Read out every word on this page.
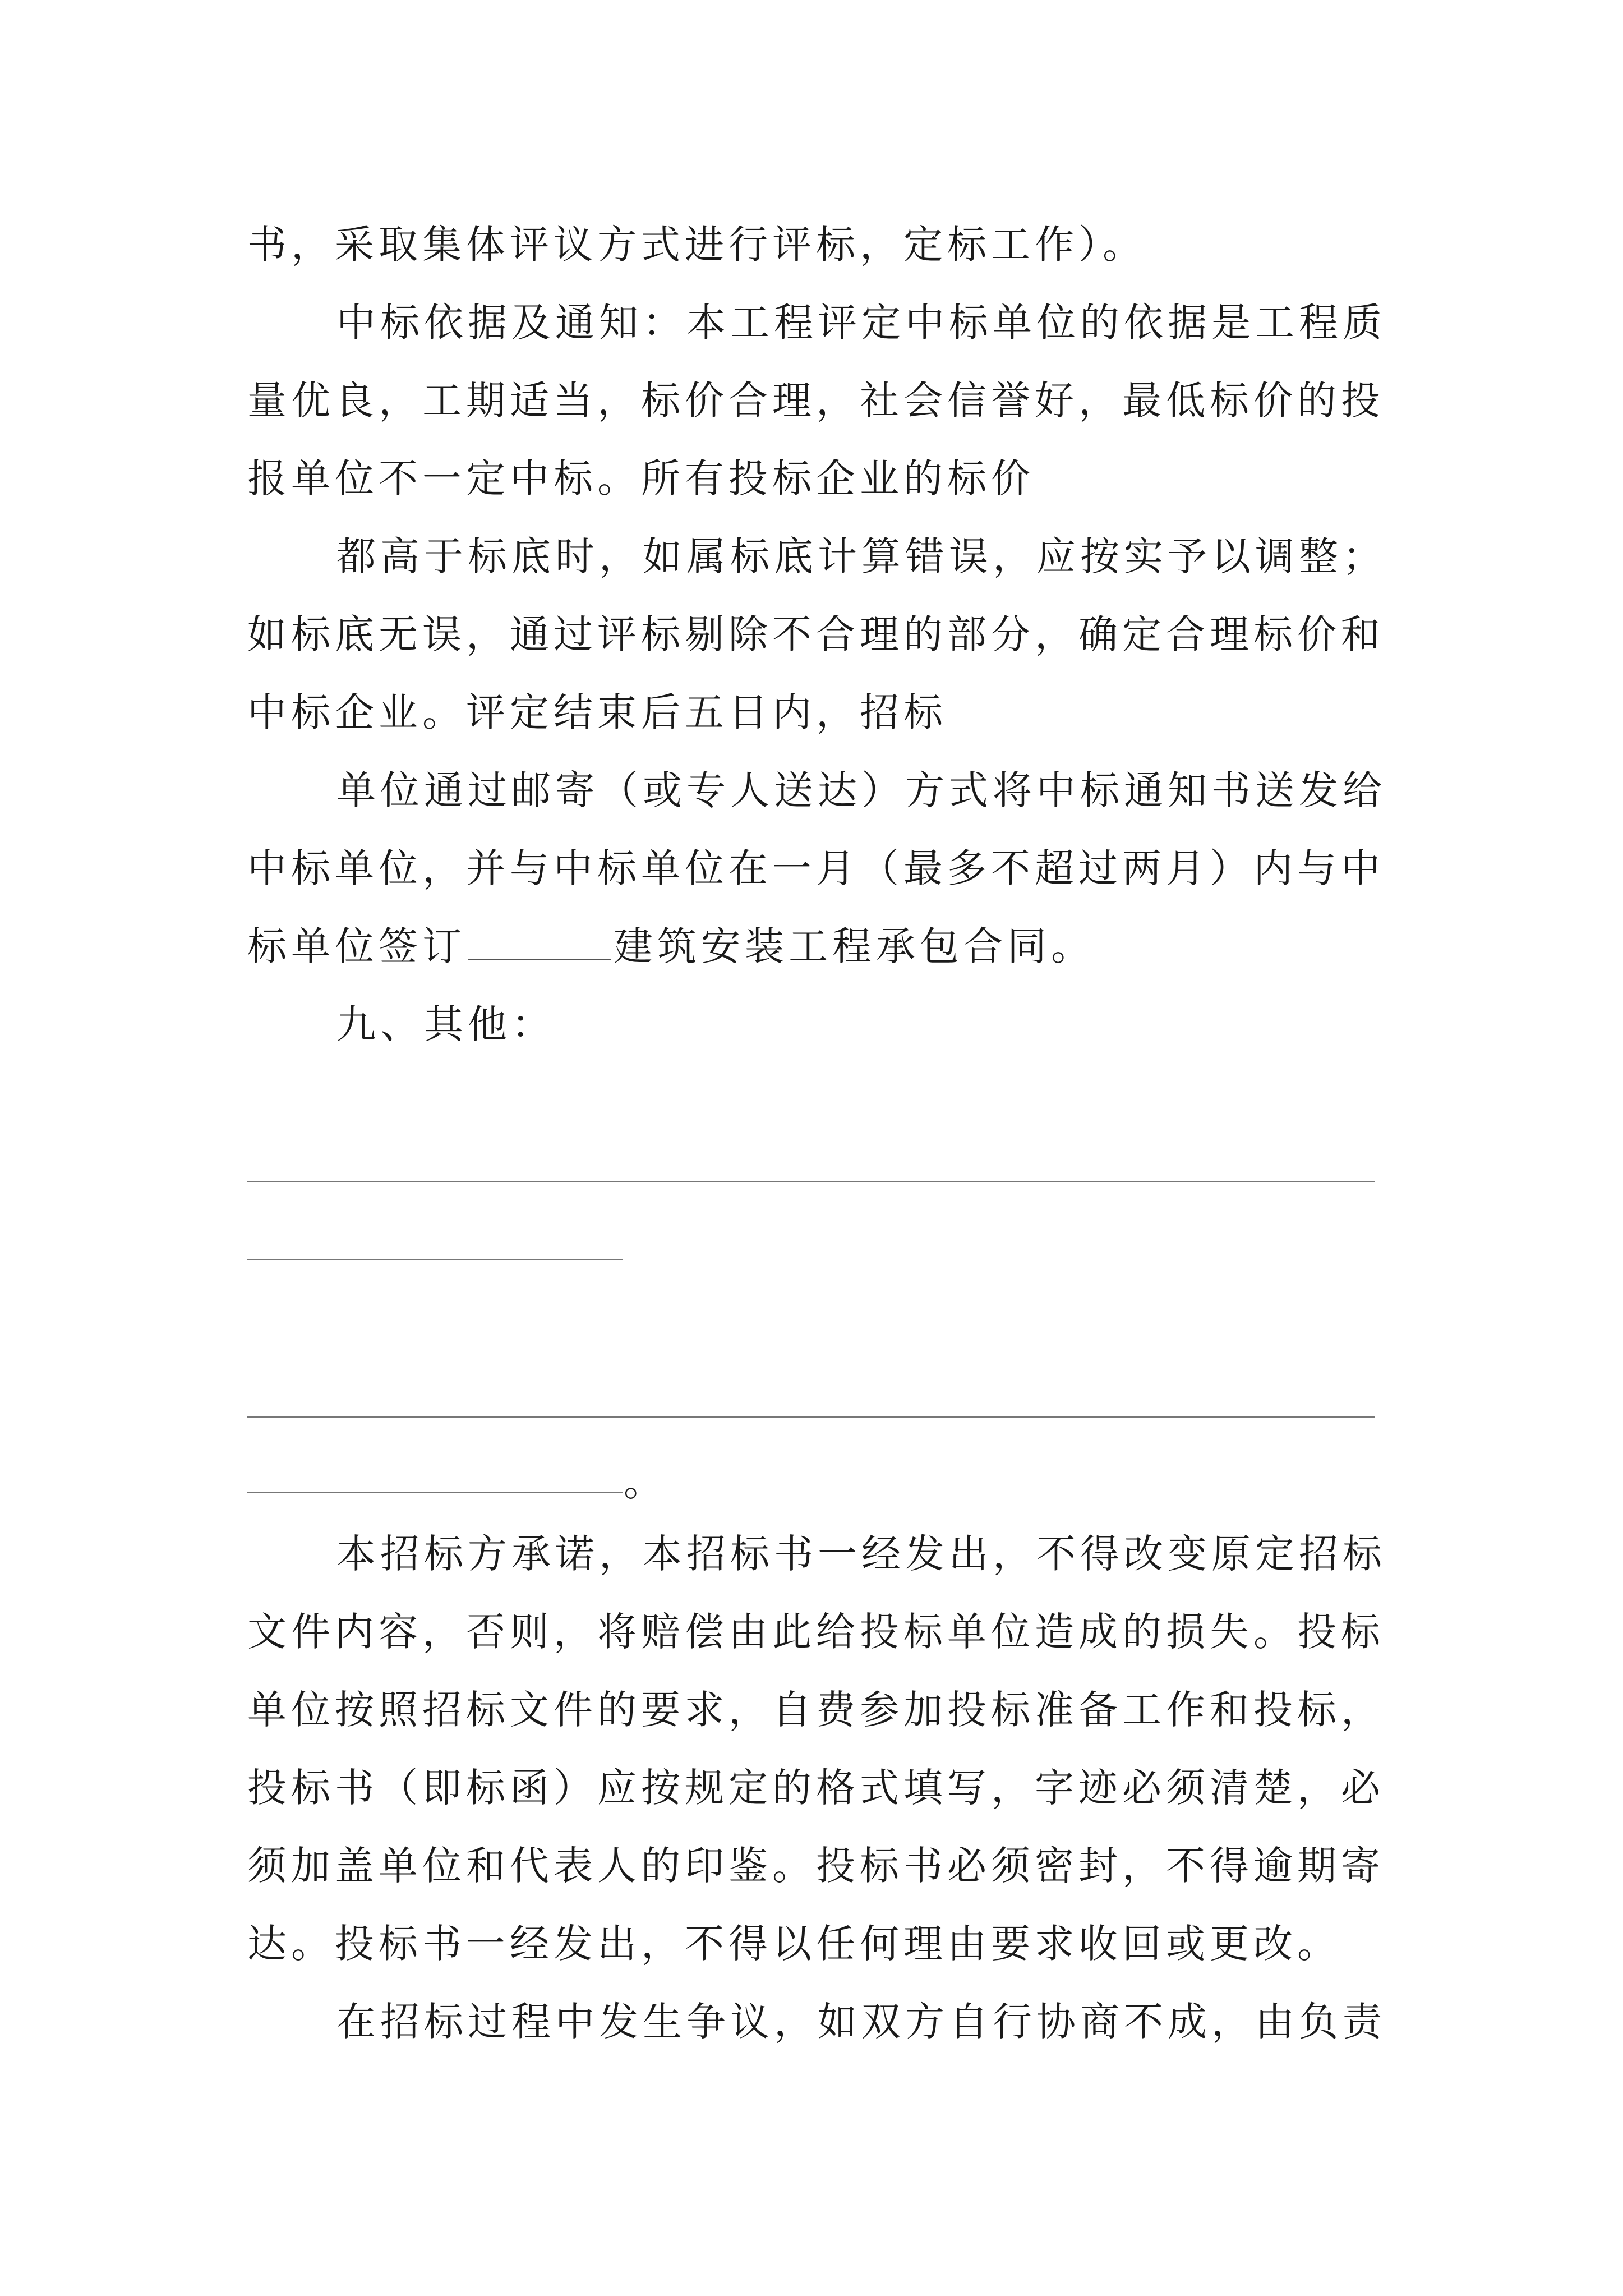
书，采取集体评议方式进行评标，定标工作）。
中标依据及通知：本工程评定中标单位的依据是工程质
量优良，工期适当，标价合理，社会信誉好，最低标价的投
报单位不一定中标。所有投标企业的标价
都高于标底时，如属标底计算错误，应按实予以调整；
如标底无误，通过评标剔除不合理的部分，确定合理标价和
中标企业。评定结束后五日内，招标
单位通过邮寄（或专人送达）方式将中标通知书送发给
中标单位，并与中标单位在一月（最多不超过两月）内与中
标单位签订	建筑安装工程承包合同。
九、其他：
。
本招标方承诺，本招标书一经发出，不得改变原定招标
文件内容，否则，将赔偿由此给投标单位造成的损失。投标
单位按照招标文件的要求，自费参加投标准备工作和投标，
投标书（即标函）应按规定的格式填写，字迹必须清楚，必
须加盖单位和代表人的印鉴。投标书必须密封，不得逾期寄
达。投标书一经发出，不得以任何理由要求收回或更改。
在招标过程中发生争议，如双方自行协商不成，由负责
